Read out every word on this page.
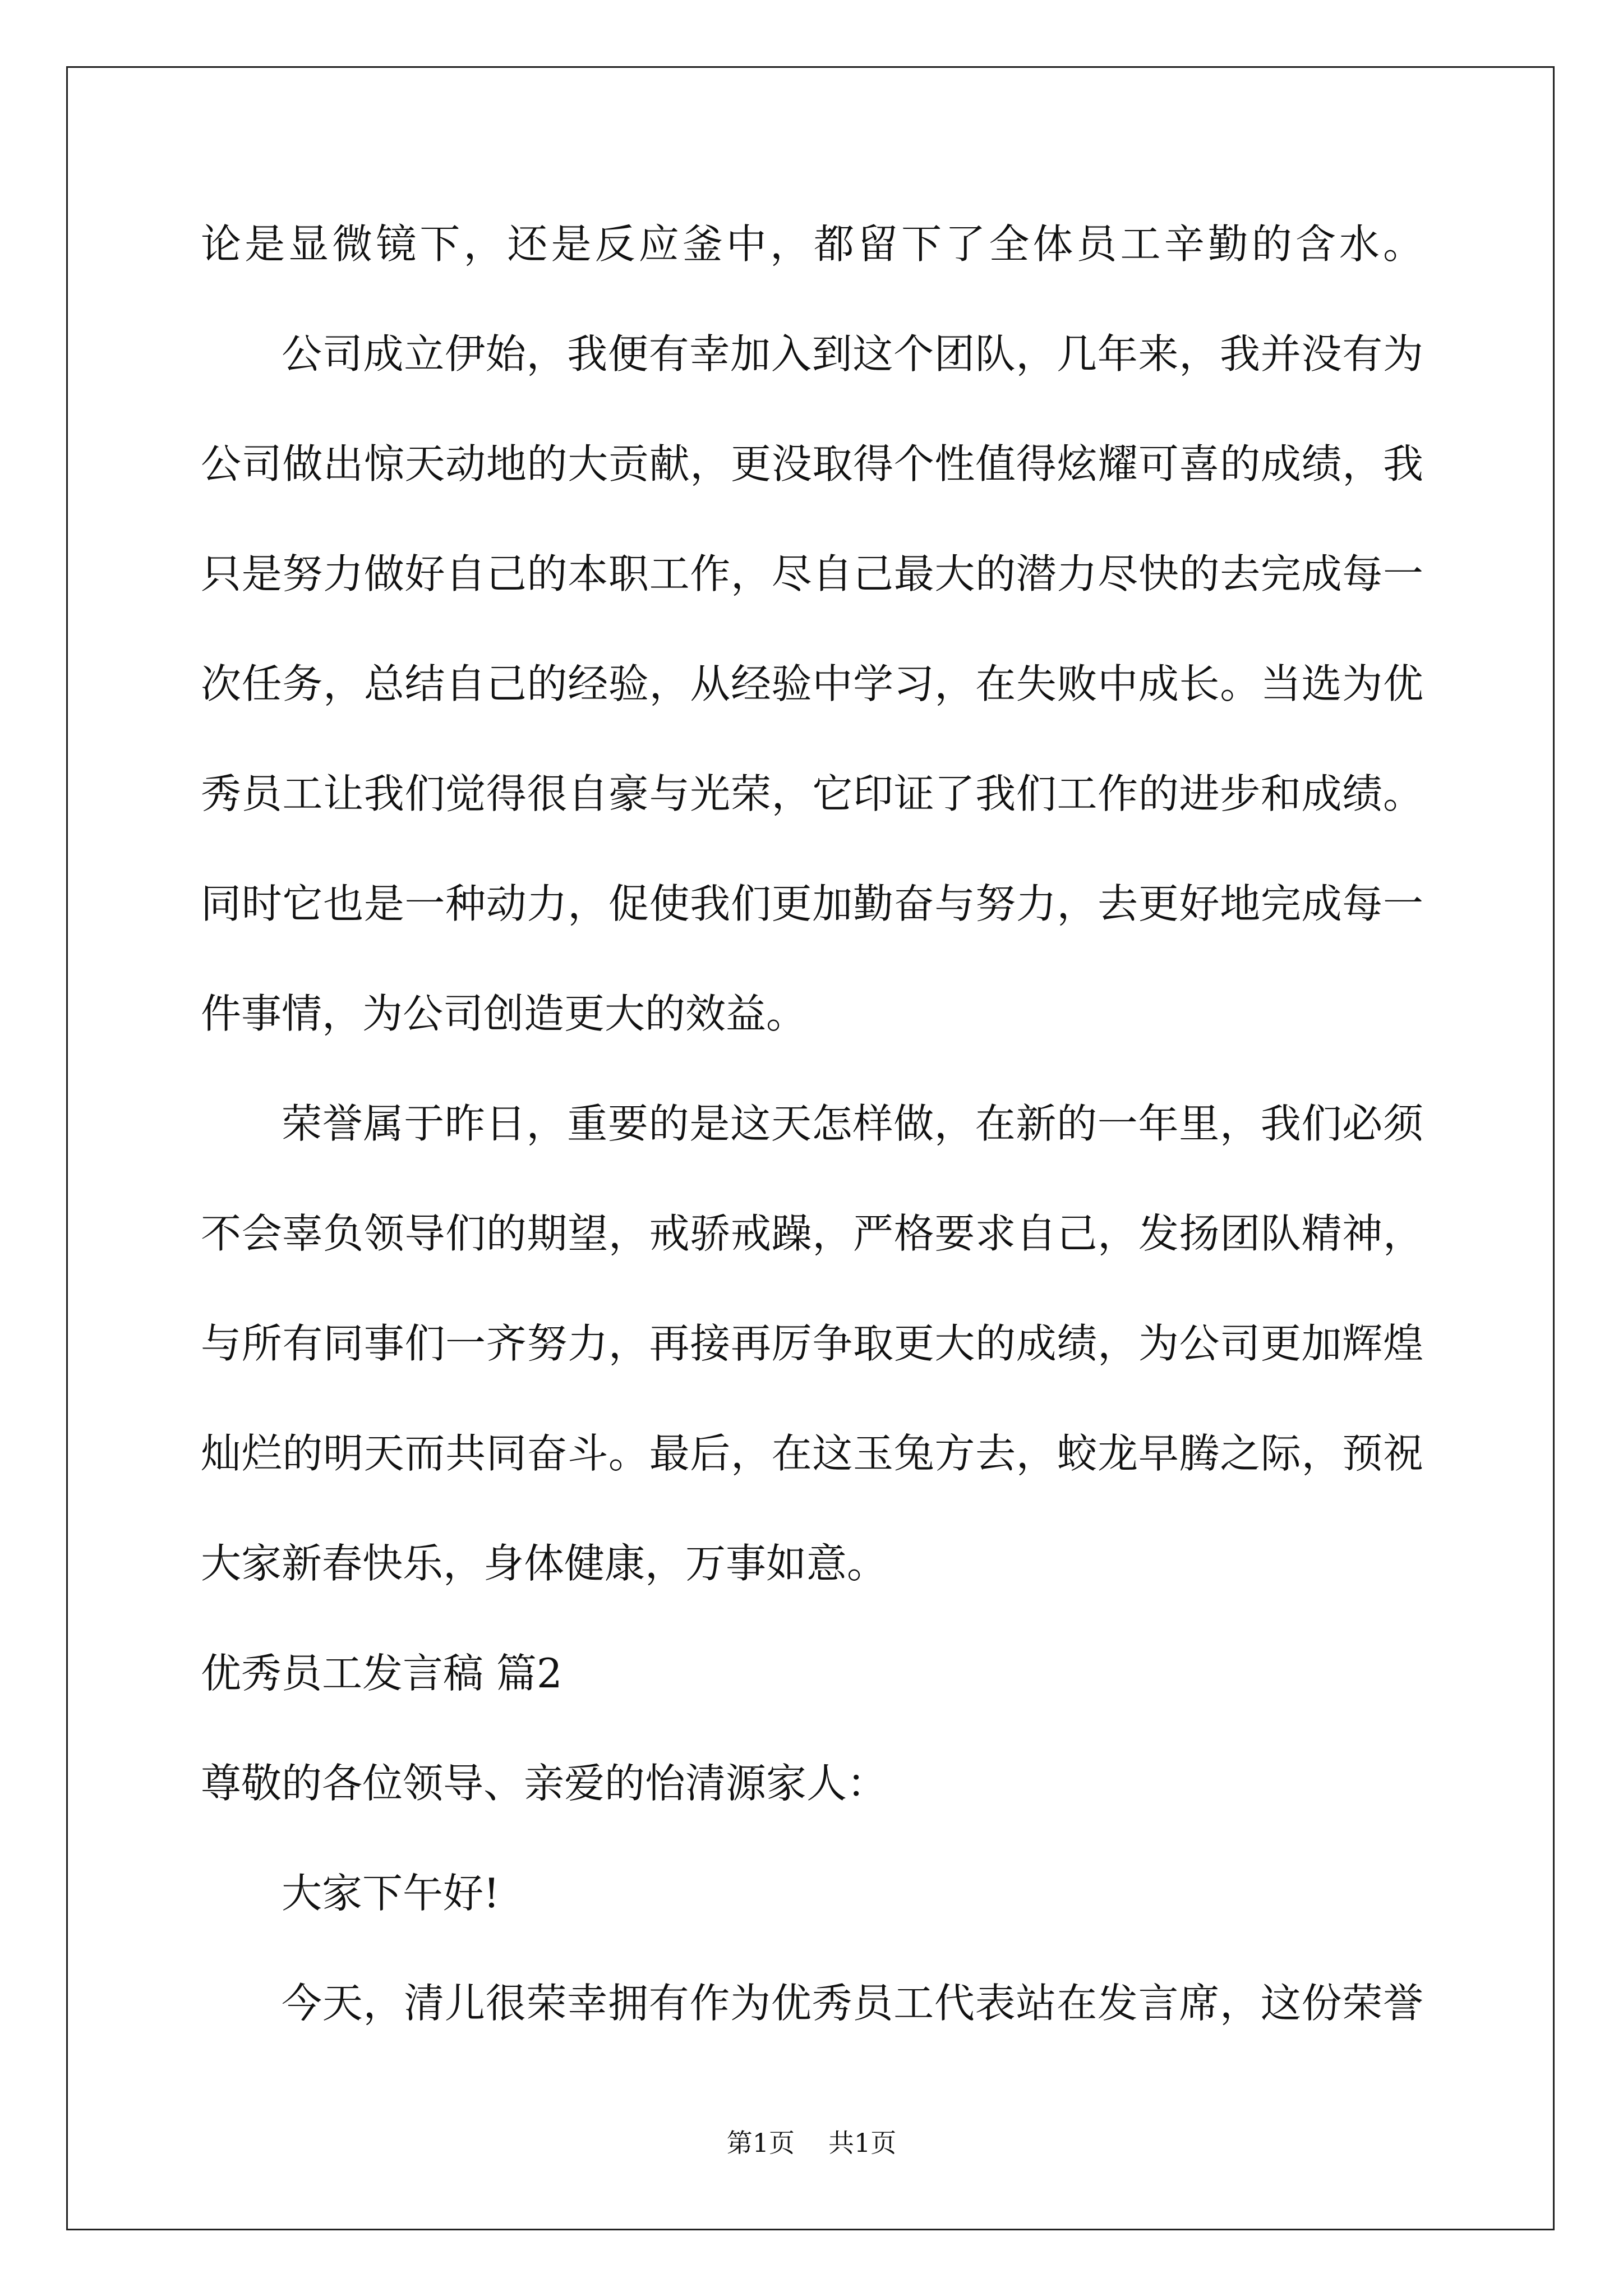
论是显微镜下，还是反应釜中，都留下了全体员工辛勤的含水。
公司成立伊始，我便有幸加入到这个团队，几年来，我并没有为
公司做出惊天动地的大贡献，更没取得个性值得炫耀可喜的成绩，我
只是努力做好自己的本职工作，尽自己最大的潜力尽快的去完成每一
次任务，总结自己的经验，从经验中学习，在失败中成长。当选为优
秀员工让我们觉得很自豪与光荣，它印证了我们工作的进步和成绩。
同时它也是一种动力，促使我们更加勤奋与努力，去更好地完成每一
件事情，为公司创造更大的效益。
荣誉属于昨日，重要的是这天怎样做，在新的一年里，我们必须
不会辜负领导们的期望，戒骄戒躁，严格要求自己，发扬团队精神，
与所有同事们一齐努力，再接再厉争取更大的成绩，为公司更加辉煌
灿烂的明天而共同奋斗。最后，在这玉兔方去，蛟龙早腾之际，预祝
大家新春快乐，身体健康，万事如意。
优秀员工发言稿 篇2
尊敬的各位领导、亲爱的怡清源家人：
大家下午好!
今天，清儿很荣幸拥有作为优秀员工代表站在发言席，这份荣誉
第1页 共1页
